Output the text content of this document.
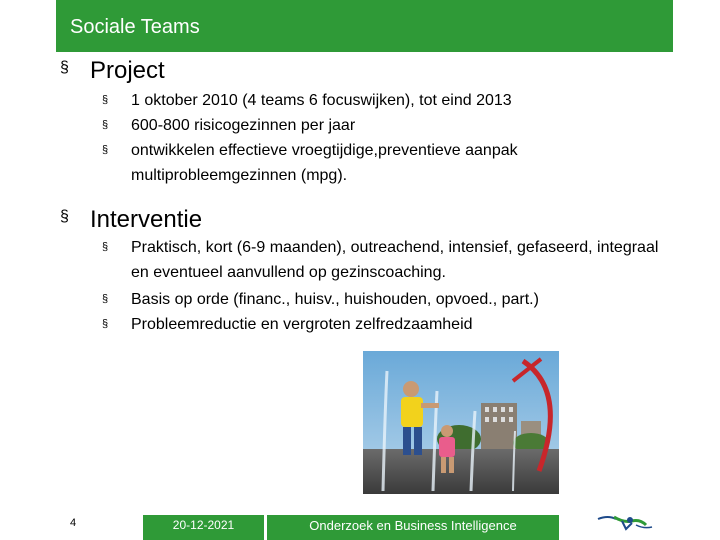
Sociale Teams
§ Project
§ 1 oktober 2010 (4 teams 6 focuswijken), tot eind 2013
§ 600-800 risicogezinnen per jaar
§ ontwikkelen effectieve vroegtijdige,preventieve aanpak multiprobleemgezinnen (mpg).
§ Interventie
§ Praktisch, kort (6-9 maanden), outreachend, intensief, gefaseerd, integraal en eventueel aanvullend op gezinscoaching.
§ Basis op orde (financ., huisv., huishouden, opvoed., part.)
§ Probleemreductie en vergroten zelfredzaamheid
4	20-12-2021	Onderzoek en Business Intelligence
